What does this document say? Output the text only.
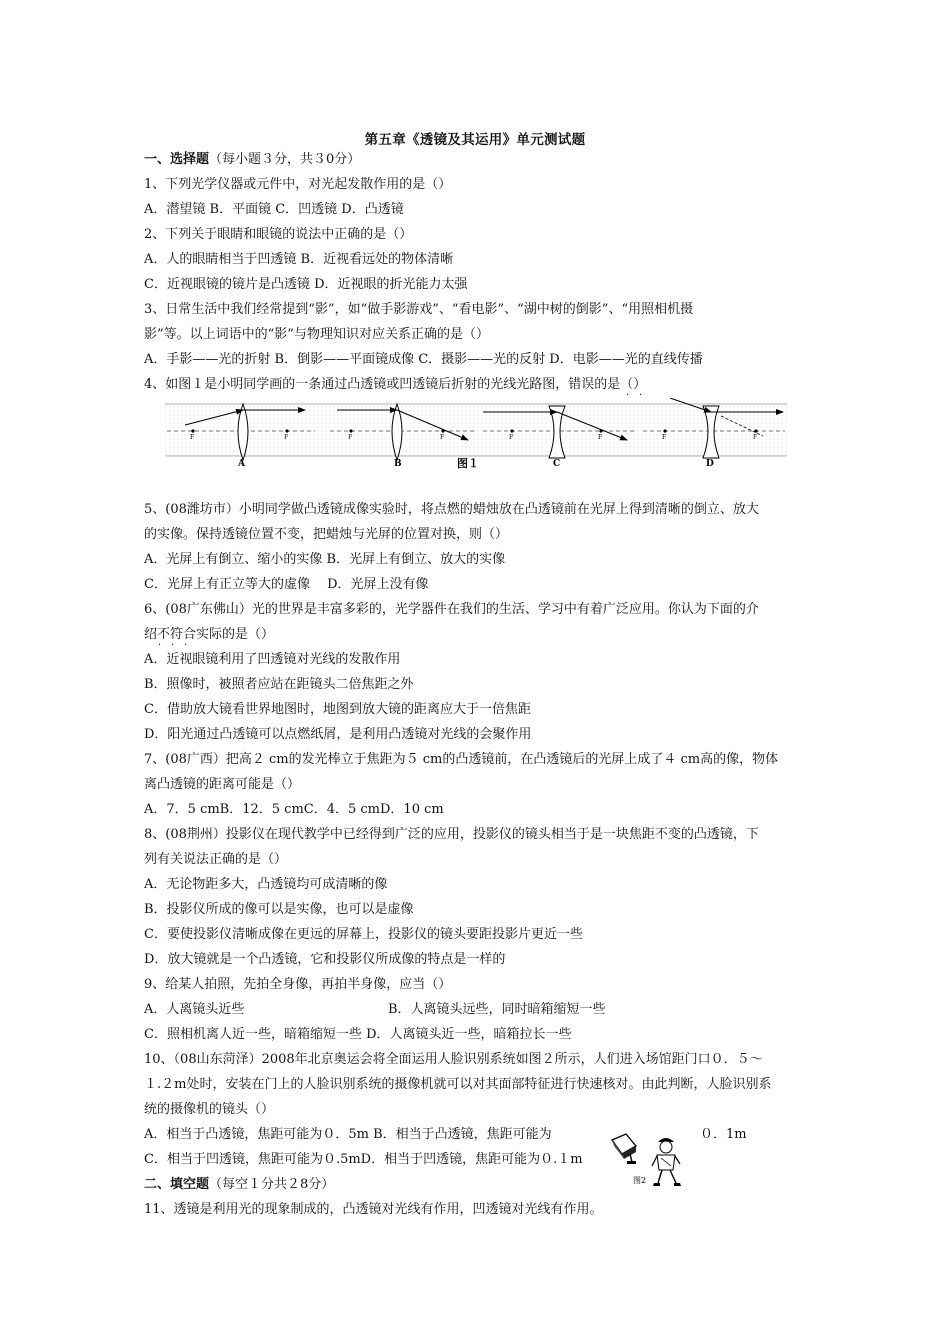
第五章《透镜及其运用》单元测试题
一、选择题（每小题３分，共３0分）
1、下列光学仪器或元件中，对光起发散作用的是（）
A．潜望镜 B．平面镜 C．凹透镜 D．凸透镜
2、下列关于眼睛和眼镜的说法中正确的是（）
A．人的眼睛相当于凹透镜 B．近视看远处的物体清晰
C．近视眼镜的镜片是凸透镜 D．近视眼的折光能力太强
3、日常生活中我们经常提到“影”，如“做手影游戏”、“看电影”、“湖中树的倒影”、“用照相机摄
影”等。以上词语中的“影”与物理知识对应关系正确的是（）
A．手影——光的折射 B．倒影——平面镜成像 C．摄影——光的反射 D．电影——光的直线传播
4、如图１是小明同学画的一条通过凸透镜或凹透镜后折射的光线光路图，错误的是（）
· ·
F	F
A
F	F
B	图１
F	F
C
F	F
D
5、(08潍坊市）小明同学做凸透镜成像实验时，将点燃的蜡烛放在凸透镜前在光屏上得到清晰的倒立、放大
的实像。保持透镜位置不变，把蜡烛与光屏的位置对换，则（）
A．光屏上有倒立、缩小的实像 B．光屏上有倒立、放大的实像
C．光屏上有正立等大的虚像　 D．光屏上没有像
6、(08广东佛山）光的世界是丰富多彩的，光学器件在我们的生活、学习中有着广泛应用。你认为下面的介
绍不符合实际的是（）
· · ·
A．近视眼镜利用了凹透镜对光线的发散作用
B．照像时，被照者应站在距镜头二倍焦距之外
C．借助放大镜看世界地图时，地图到放大镜的距离应大于一倍焦距
D．阳光通过凸透镜可以点燃纸屑，是利用凸透镜对光线的会聚作用
7、(08广西）把高２ cm的发光棒立于焦距为５ cm的凸透镜前，在凸透镜后的光屏上成了４ cm高的像，物体
离凸透镜的距离可能是（）
A．7．5 cmB．12．5 cmC．4．5 cmD．10 cm
8、(08荆州）投影仪在现代教学中已经得到广泛的应用，投影仪的镜头相当于是一块焦距不变的凸透镜，下
列有关说法正确的是（）
A．无论物距多大，凸透镜均可成清晰的像
B．投影仪所成的像可以是实像，也可以是虚像
C．要使投影仪清晰成像在更远的屏幕上，投影仪的镜头要距投影片更近一些
D．放大镜就是一个凸透镜，它和投影仪所成像的特点是一样的
9、给某人拍照，先拍全身像，再拍半身像，应当（）
A．人离镜头近些	B．人离镜头远些，同时暗箱缩短一些
C．照相机离人近一些，暗箱缩短一些 D．人离镜头近一些，暗箱拉长一些
10、（08山东菏泽）2008年北京奥运会将全面运用人脸识别系统如图２所示，人们进入场馆距门口０．５～
１.２m处时，安装在门上的人脸识别系统的摄像机就可以对其面部特征进行快速核对。由此判断，人脸识别系
统的摄像机的镜头（）
A．相当于凸透镜，焦距可能为０．5m B．相当于凸透镜，焦距可能为	０．1m
C．相当于凹透镜，焦距可能为０.5mD．相当于凹透镜，焦距可能为０.１m
图2
二、填空题（每空１分共２8分）
11、透镜是利用光的现象制成的，凸透镜对光线有作用，凹透镜对光线有作用。
